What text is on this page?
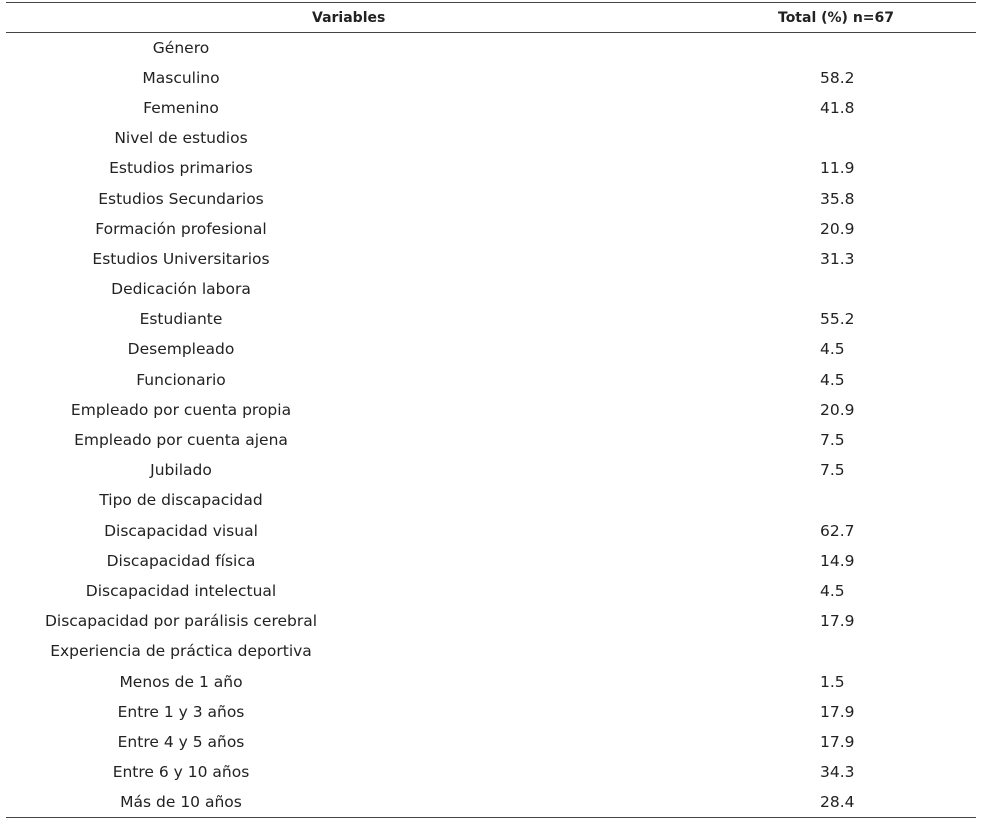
Variables	Total (%) n=67
Género	
Masculino	58.2
Femenino	41.8
Nivel de estudios	
Estudios primarios	11.9
Estudios Secundarios	35.8
Formación profesional	20.9
Estudios Universitarios	31.3
Dedicación labora	
Estudiante	55.2
Desempleado	4.5
Funcionario	4.5
Empleado por cuenta propia	20.9
Empleado por cuenta ajena	7.5
Jubilado	7.5
Tipo de discapacidad	
Discapacidad visual	62.7
Discapacidad física	14.9
Discapacidad intelectual	4.5
Discapacidad por parálisis cerebral	17.9
Experiencia de práctica deportiva	
Menos de 1 año	1.5
Entre 1 y 3 años	17.9
Entre 4 y 5 años	17.9
Entre 6 y 10 años	34.3
Más de 10 años	28.4
